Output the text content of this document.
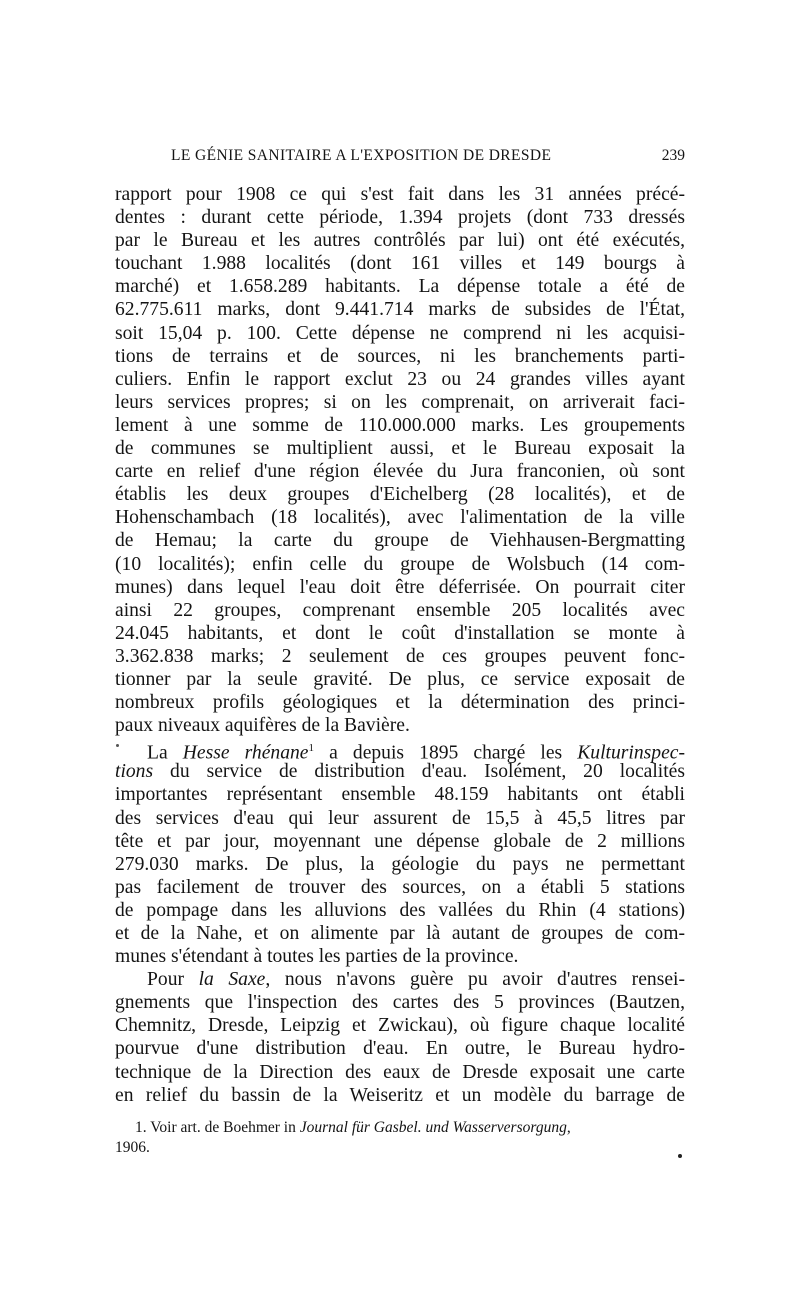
LE GÉNIE SANITAIRE A L'EXPOSITION DE DRESDE	239
rapport pour 1908 ce qui s'est fait dans les 31 années précé-
dentes : durant cette période, 1.394 projets (dont 733 dressés
par le Bureau et les autres contrôlés par lui) ont été exécutés,
touchant 1.988 localités (dont 161 villes et 149 bourgs à
marché) et 1.658.289 habitants. La dépense totale a été de
62.775.611 marks, dont 9.441.714 marks de subsides de l'État,
soit 15,04 p. 100. Cette dépense ne comprend ni les acquisi-
tions de terrains et de sources, ni les branchements parti-
culiers. Enfin le rapport exclut 23 ou 24 grandes villes ayant
leurs services propres; si on les comprenait, on arriverait faci-
lement à une somme de 110.000.000 marks. Les groupements
de communes se multiplient aussi, et le Bureau exposait la
carte en relief d'une région élevée du Jura franconien, où sont
établis les deux groupes d'Eichelberg (28 localités), et de
Hohenschambach (18 localités), avec l'alimentation de la ville
de Hemau; la carte du groupe de Viehhausen-Bergmatting
(10 localités); enfin celle du groupe de Wolsbuch (14 com-
munes) dans lequel l'eau doit être déferrisée. On pourrait citer
ainsi 22 groupes, comprenant ensemble 205 localités avec
24.045 habitants, et dont le coût d'installation se monte à
3.362.838 marks; 2 seulement de ces groupes peuvent fonc-
tionner par la seule gravité. De plus, ce service exposait de
nombreux profils géologiques et la détermination des princi-
paux niveaux aquifères de la Bavière.
La Hesse rhénane$^1$ a depuis 1895 chargé les Kulturinspec-
tions du service de distribution d'eau. Isolément, 20 localités
importantes représentant ensemble 48.159 habitants ont établi
des services d'eau qui leur assurent de 15,5 à 45,5 litres par
tête et par jour, moyennant une dépense globale de 2 millions
279.030 marks. De plus, la géologie du pays ne permettant
pas facilement de trouver des sources, on a établi 5 stations
de pompage dans les alluvions des vallées du Rhin (4 stations)
et de la Nahe, et on alimente par là autant de groupes de com-
munes s'étendant à toutes les parties de la province.
Pour la Saxe, nous n'avons guère pu avoir d'autres rensei-
gnements que l'inspection des cartes des 5 provinces (Bautzen,
Chemnitz, Dresde, Leipzig et Zwickau), où figure chaque localité
pourvue d'une distribution d'eau. En outre, le Bureau hydro-
technique de la Direction des eaux de Dresde exposait une carte
en relief du bassin de la Weiseritz et un modèle du barrage de
1. Voir art. de Boehmer in Journal für Gasbel. und Wasserversorgung,
1906.
